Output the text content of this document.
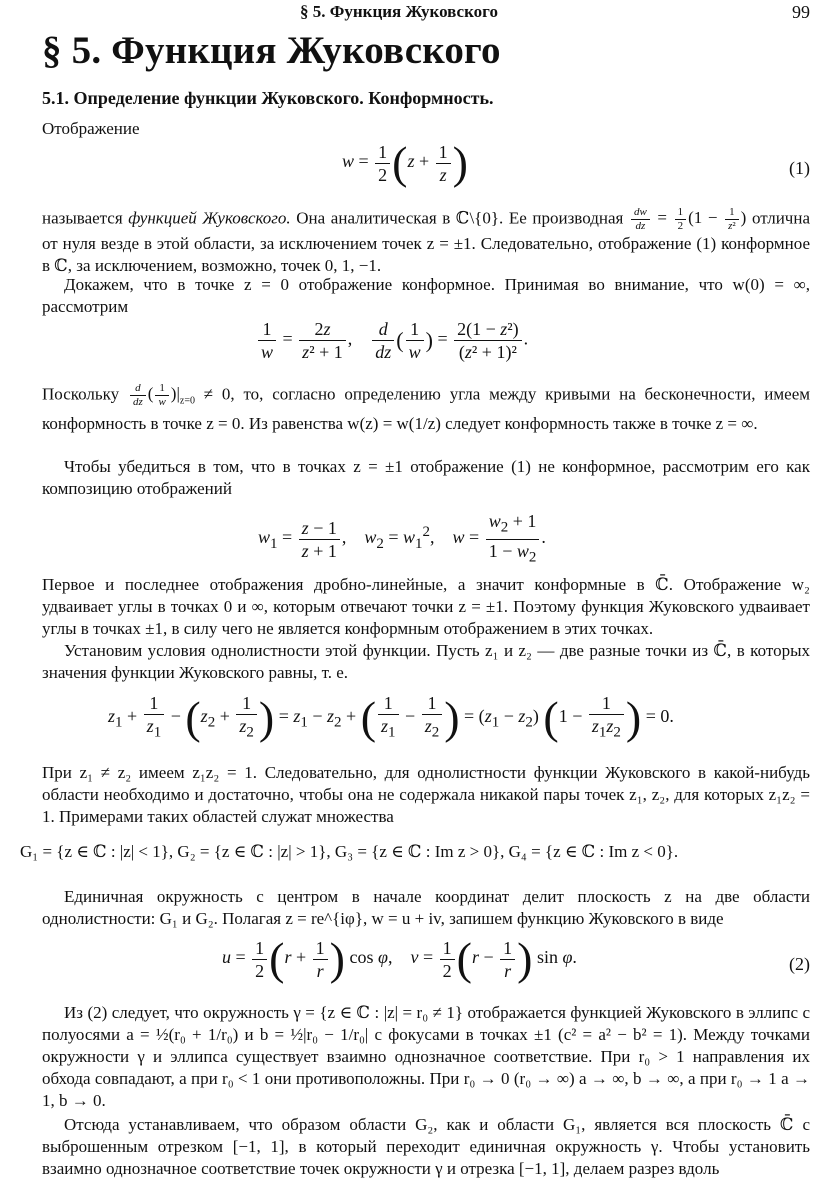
§ 5. Функция Жуковского	99
§ 5. Функция Жуковского
5.1. Определение функции Жуковского. Конформность.
Отображение
$w = \frac{1}{2} (z + \frac{1}{z}$ )	(1)
называется функцией Жуковского. Она аналитическая в ℂ\{0}. Ее производная $\frac{dw}{dz} = \frac{1}{2} (1 - \frac{1}{\text{z²}}$ ) отлична от нуля везде в этой области, за исключением точек z = ±1. Следовательно, отображение (1) конформное в ℂ, за исключением, возможно, точек 0, 1, −1.
Докажем, что в точке z = 0 отображение конформное. Принимая во внимание, что w(0) = ∞, рассмотрим
$\frac{1}{w} = \frac{2z}{\text{z² + 1}}$ , $\frac{d}{dz}$ ( $\frac{1}{w}$ ) = $\frac{\text{2(1 − z²)}}{\text{(z² + 1)²}}$ .
Поскольку $\frac{d}{dz}$ ( $\frac{1}{w} )|_{z=0} \ne 0$, то, согласно определению угла между кривыми на бесконечности, имеем конформность в точке z = 0. Из равенства w(z) = w(1/z) следует конформность также в точке z = ∞.
Чтобы убедиться в том, что в точках z = ±1 отображение (1) не конформное, рассмотрим его как композицию отображений
$w_1 = \frac{z - 1}{z + 1}$ ,    $w_2 = w_1^2$,    $w = \frac{w_2 + 1}{1 - w_2}$ .
Первое и последнее отображения дробно-линейные, а значит конформные в ℂ̄. Отображение w₂ удваивает углы в точках 0 и ∞, которым отвечают точки z = ±1. Поэтому функция Жуковского удваивает углы в точках ±1, в силу чего не является конформным отображением в этих точках.
Установим условия однолистности этой функции. Пусть z₁ и z₂ — две разные точки из ℂ̄, в которых значения функции Жуковского равны, т. е.
$z_1 + \frac{1}{z_1} - (z_2 + \frac{1}{z_2}$ ) = $z_1 - z_2$ + ( $\frac{1}{z_1} - \frac{1}{z_2}$ ) = $(z_1 - z_2) (1 - \frac{1}{z_1z_2}$ ) = 0.
При z₁ ≠ z₂ имеем z₁z₂ = 1. Следовательно, для однолистности функции Жуковского в какой-нибудь области необходимо и достаточно, чтобы она не содержала никакой пары точек z₁, z₂, для которых z₁z₂ = 1. Примерами таких областей служат множества
G₁ = {z ∈ ℂ : |z| < 1}, G₂ = {z ∈ ℂ : |z| > 1}, G₃ = {z ∈ ℂ : Im z > 0}, G₄ = {z ∈ ℂ : Im z < 0}.
Единичная окружность с центром в начале координат делит плоскость z на две области однолистности: G₁ и G₂. Полагая z = re^{iφ}, w = u + iv, запишем функцию Жуковского в виде
$u = \frac{1}{2} (r + \frac{1}{r}$ ) cos φ,    $v = \frac{1}{2} (r - \frac{1}{r}$ ) sin φ.	(2)
Из (2) следует, что окружность γ = {z ∈ ℂ : |z| = r₀ ≠ 1} отображается функцией Жуковского в эллипс с полуосями a = ½(r₀ + 1/r₀) и b = ½|r₀ − 1/r₀| с фокусами в точках ±1 (c² = a² − b² = 1). Между точками окружности γ и эллипса существует взаимно однозначное соответствие. При r₀ > 1 направления их обхода совпадают, а при r₀ < 1 они противоположны. При r₀ → 0 (r₀ → ∞) a → ∞, b → ∞, а при r₀ → 1 a → 1, b → 0.
Отсюда устанавливаем, что образом области G₂, как и области G₁, является вся плоскость ℂ̄ с выброшенным отрезком [−1, 1], в который переходит единичная окружность γ. Чтобы установить взаимно однозначное соответствие точек окружности γ и отрезка [−1, 1], делаем разрез вдоль
